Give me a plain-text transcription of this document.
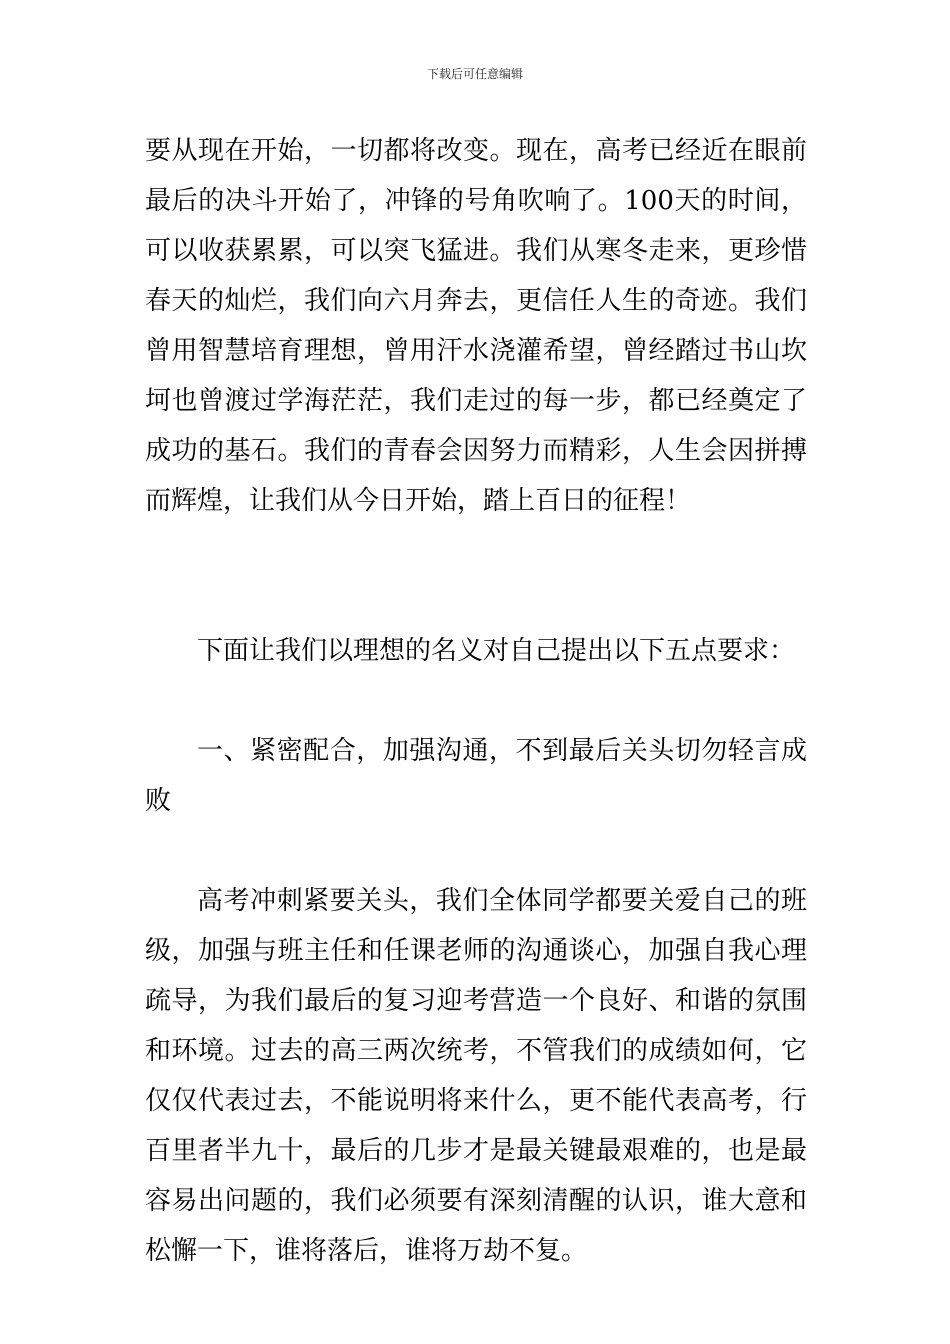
下载后可任意编辑

要从现在开始，一切都将改变。现在，高考已经近在眼前最后的决斗开始了，冲锋的号角吹响了。100天的时间，可以收获累累，可以突飞猛进。我们从寒冬走来，更珍惜春天的灿烂，我们向六月奔去，更信任人生的奇迹。我们曾用智慧培育理想，曾用汗水浇灌希望，曾经踏过书山坎坷也曾渡过学海茫茫，我们走过的每一步，都已经奠定了成功的基石。我们的青春会因努力而精彩，人生会因拼搏而辉煌，让我们从今日开始，踏上百日的征程！

下面让我们以理想的名义对自己提出以下五点要求：

一、紧密配合，加强沟通，不到最后关头切勿轻言成败

高考冲刺紧要关头，我们全体同学都要关爱自己的班级，加强与班主任和任课老师的沟通谈心，加强自我心理疏导，为我们最后的复习迎考营造一个良好、和谐的氛围和环境。过去的高三两次统考，不管我们的成绩如何，它仅仅代表过去，不能说明将来什么，更不能代表高考，行百里者半九十，最后的几步才是最关键最艰难的，也是最容易出问题的，我们必须要有深刻清醒的认识，谁大意和松懈一下，谁将落后，谁将万劫不复。
